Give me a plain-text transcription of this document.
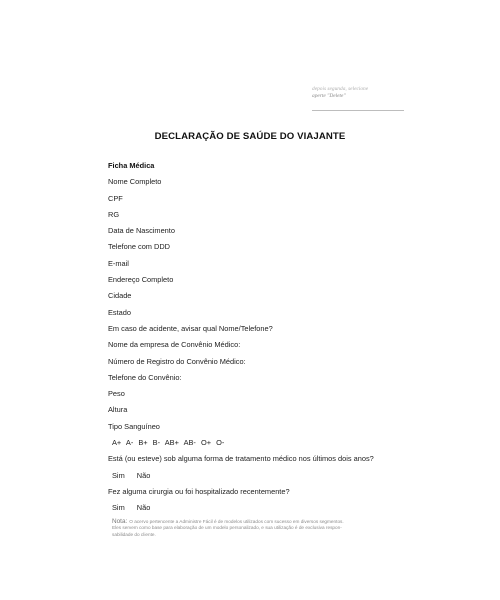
depois segunda, selecione
aperte "Delete"
DECLARAÇÃO DE SAÚDE DO VIAJANTE
Ficha Médica
Nome Completo
CPF
RG
Data de Nascimento
Telefone com DDD
E-mail
Endereço Completo
Cidade
Estado
Em caso de acidente, avisar qual Nome/Telefone?
Nome da empresa de Convênio Médico:
Número de Registro do Convênio Médico:
Telefone do Convênio:
Peso
Altura
Tipo Sanguíneo
A+ A- B+ B- AB+ AB- O+ O-
Está (ou esteve) sob alguma forma de tratamento médico nos últimos dois anos?
Sim Não
Fez alguma cirurgia ou foi hospitalizado recentemente?
Sim Não
Nota: O acervo pertencente a Administre Fácil é de modelos utilizados com sucesso em diversos segmentos.
Eles servem como base para elaboração de um modelo personalizado, e sua utilização é de exclusiva respon-
sabilidade do cliente.
